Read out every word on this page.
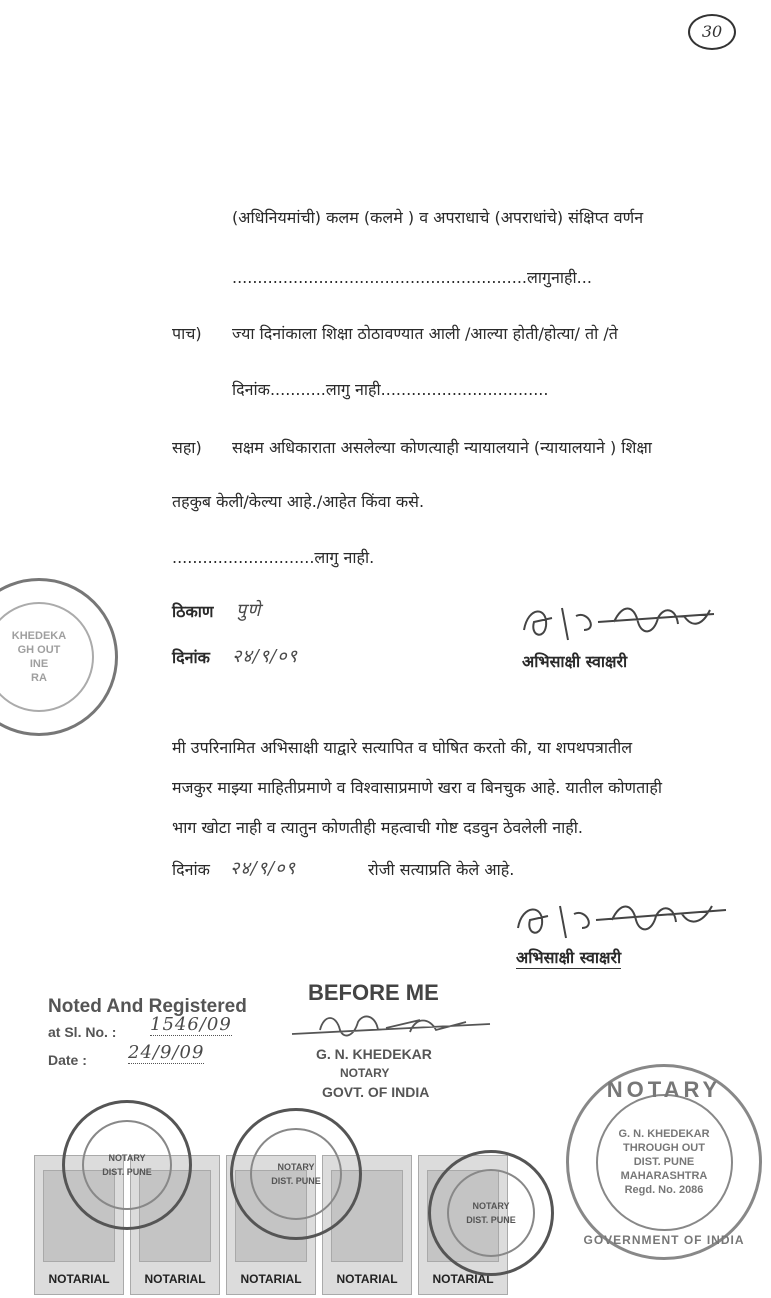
30
(अधिनियमांची) कलम (कलमे ) व अपराधाचे (अपराधांचे) संक्षिप्त वर्णन
..........................................................लागुनाही...
पाच) ज्या दिनांकाला शिक्षा ठोठावण्यात आली /आल्या होती/होत्या/ तो /ते
दिनांक...........लागु नाही.................................
सहा) सक्षम अधिकाराता असलेल्या कोणत्याही न्यायालयाने (न्यायालयाने ) शिक्षा
तहकुब केली/केल्या आहे./आहेत किंवा कसे.
............................लागु नाही.
ठिकाण पुणे
दिनांक २४/९/०९	अभिसाक्षी स्वाक्षरी
KHEDEKA
GH OUT
INE
RA
मी उपरिनामित अभिसाक्षी याद्वारे सत्यापित व घोषित करतो की, या शपथपत्रातील
मजकुर माझ्या माहितीप्रमाणे व विश्वासाप्रमाणे खरा व बिनचुक आहे. यातील कोणताही
भाग खोटा नाही व त्यातुन कोणतीही महत्वाची गोष्ट दडवुन ठेवलेली नाही.
दिनांक २४/९/०९	रोजी सत्याप्रति केले आहे.
अभिसाक्षी स्वाक्षरी
Noted And Registered
at Sl. No. : 1546/09
Date : 24/9/09
BEFORE ME
G. N. KHEDEKAR
NOTARY
GOVT. OF INDIA	NOTARY
G. N. KHEDEKAR
THROUGH OUT
DIST. PUNE
MAHARASHTRA
Regd. No. 2086
GOVERNMENT OF INDIA
NOTARIAL	NOTARIAL	NOTARIAL	NOTARIAL	NOTARIAL
NOTARY
DIST. PUNE	NOTARY
DIST. PUNE
NOTARY
DIST. PUNE
